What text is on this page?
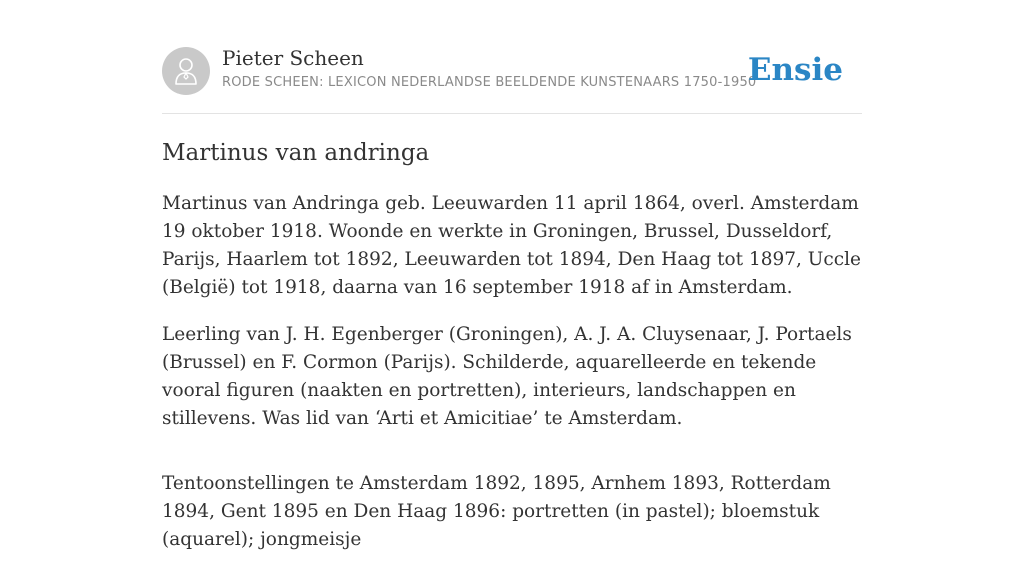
Pieter Scheen
RODE SCHEEN: LEXICON NEDERLANDSE BEELDENDE KUNSTENAARS 1750-1950
Ensie
Martinus van andringa

Martinus van Andringa geb. Leeuwarden 11 april 1864, overl. Amsterdam 19 oktober 1918. Woonde en werkte in Groningen, Brussel, Dusseldorf, Parijs, Haarlem tot 1892, Leeuwarden tot 1894, Den Haag tot 1897, Uccle (België) tot 1918, daarna van 16 september 1918 af in Amsterdam.

Leerling van J. H. Egenberger (Groningen), A. J. A. Cluysenaar, J. Portaels (Brussel) en F. Cormon (Parijs). Schilderde, aquarelleerde en tekende vooral figuren (naakten en portretten), interieurs, landschappen en stillevens. Was lid van ‘Arti et Amicitiae’ te Amsterdam.

Tentoonstellingen te Amsterdam 1892, 1895, Arnhem 1893, Rotterdam 1894, Gent 1895 en Den Haag 1896: portretten (in pastel); bloemstuk (aquarel); jongmeisje
